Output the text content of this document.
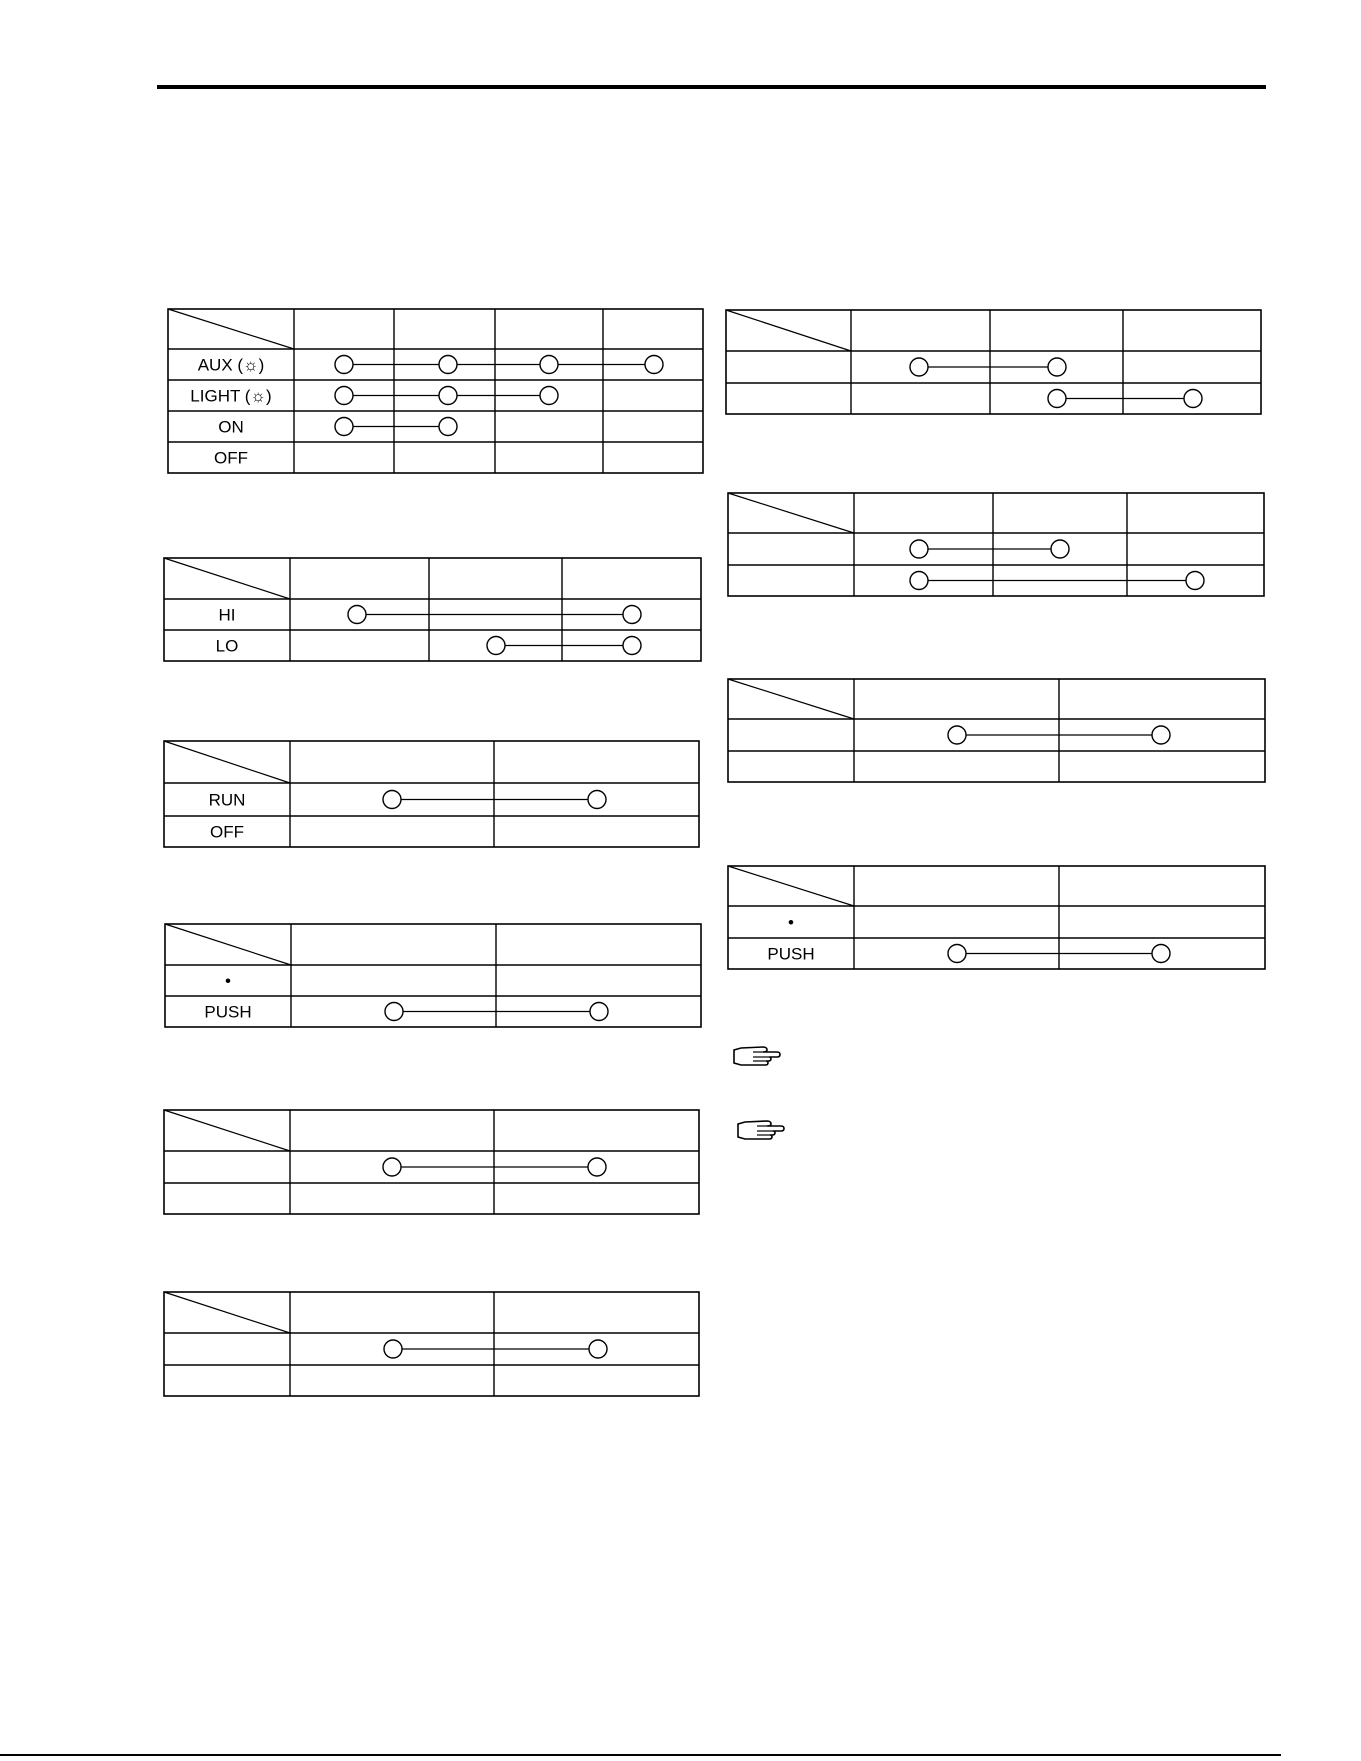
AUX (☼)
LIGHT (☼)
ON
OFF
HI
LO
RUN
OFF
•
PUSH
•
PUSH
